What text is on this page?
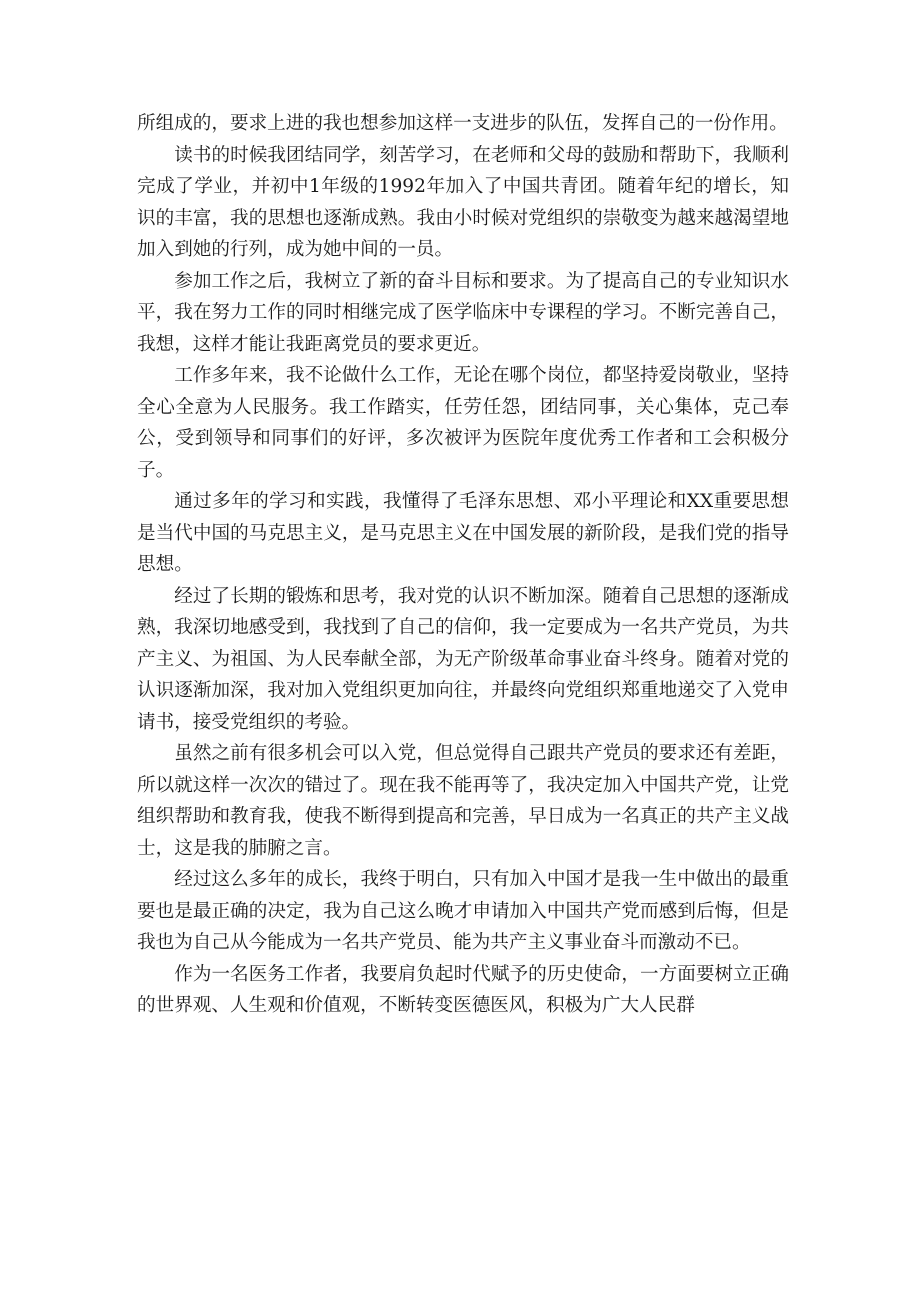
所组成的，要求上进的我也想参加这样一支进步的队伍，发挥自己的一份作用。

读书的时候我团结同学，刻苦学习，在老师和父母的鼓励和帮助下，我顺利完成了学业，并初中1年级的1992年加入了中国共青团。随着年纪的增长，知识的丰富，我的思想也逐渐成熟。我由小时候对党组织的崇敬变为越来越渴望地加入到她的行列，成为她中间的一员。

参加工作之后，我树立了新的奋斗目标和要求。为了提高自己的专业知识水平，我在努力工作的同时相继完成了医学临床中专课程的学习。不断完善自己，我想，这样才能让我距离党员的要求更近。

工作多年来，我不论做什么工作，无论在哪个岗位，都坚持爱岗敬业，坚持全心全意为人民服务。我工作踏实，任劳任怨，团结同事，关心集体，克己奉公，受到领导和同事们的好评，多次被评为医院年度优秀工作者和工会积极分子。

通过多年的学习和实践，我懂得了毛泽东思想、邓小平理论和XX重要思想是当代中国的马克思主义，是马克思主义在中国发展的新阶段，是我们党的指导思想。

经过了长期的锻炼和思考，我对党的认识不断加深。随着自己思想的逐渐成熟，我深切地感受到，我找到了自己的信仰，我一定要成为一名共产党员，为共产主义、为祖国、为人民奉献全部，为无产阶级革命事业奋斗终身。随着对党的认识逐渐加深，我对加入党组织更加向往，并最终向党组织郑重地递交了入党申请书，接受党组织的考验。

虽然之前有很多机会可以入党，但总觉得自己跟共产党员的要求还有差距，所以就这样一次次的错过了。现在我不能再等了，我决定加入中国共产党，让党组织帮助和教育我，使我不断得到提高和完善，早日成为一名真正的共产主义战士，这是我的肺腑之言。

经过这么多年的成长，我终于明白，只有加入中国才是我一生中做出的最重要也是最正确的决定，我为自己这么晚才申请加入中国共产党而感到后悔，但是我也为自己从今能成为一名共产党员、能为共产主义事业奋斗而激动不已。

作为一名医务工作者，我要肩负起时代赋予的历史使命，一方面要树立正确的世界观、人生观和价值观，不断转变医德医风，积极为广大人民群
